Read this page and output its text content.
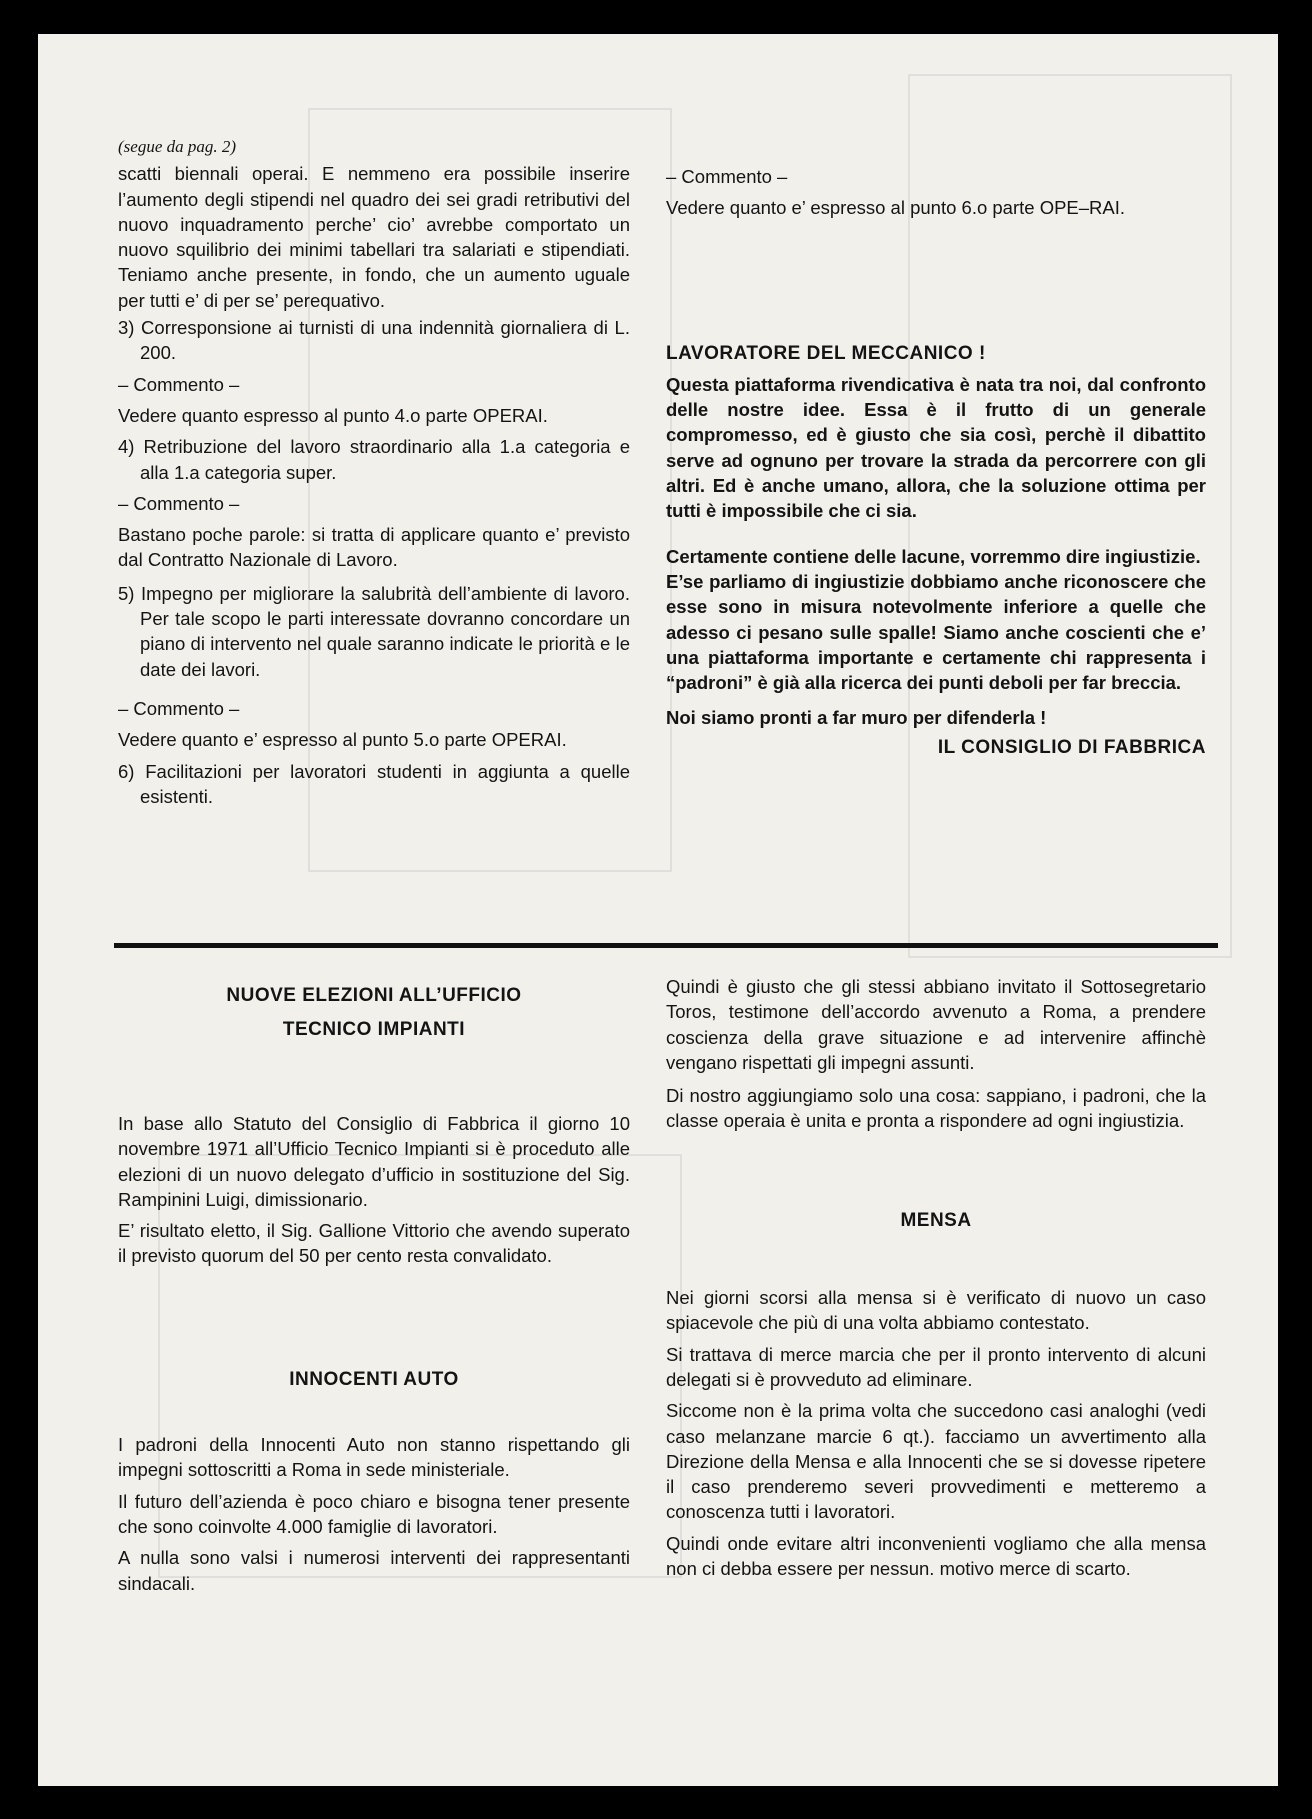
(segue da pag. 2)

scatti biennali operai. E nemmeno era possibile inserire l’aumento degli stipendi nel quadro dei sei gradi retributivi del nuovo inquadramento perche’ cio’ avrebbe comportato un nuovo squilibrio dei minimi tabellari tra salariati e stipendiati. Teniamo anche presente, in fondo, che un aumento uguale per tutti e’ di per se’ perequativo.

3) Corresponsione ai turnisti di una indennità giornaliera di L. 200.

– Commento –

Vedere quanto espresso al punto 4.o parte OPERAI.

4) Retribuzione del lavoro straordinario alla 1.a categoria e alla 1.a categoria super.

– Commento –

Bastano poche parole: si tratta di applicare quanto e’ previsto dal Contratto Nazionale di Lavoro.

5) Impegno per migliorare la salubrità dell’ambiente di lavoro. Per tale scopo le parti interessate dovranno concordare un piano di intervento nel quale saranno indicate le priorità e le date dei lavori.

– Commento –

Vedere quanto e’ espresso al punto 5.o parte OPERAI.

6) Facilitazioni per lavoratori studenti in aggiunta a quelle esistenti.

– Commento –

Vedere quanto e’ espresso al punto 6.o parte OPE–RAI.

LAVORATORE DEL MECCANICO !

Questa piattaforma rivendicativa è nata tra noi, dal confronto delle nostre idee. Essa è il frutto di un generale compromesso, ed è giusto che sia così, perchè il dibattito serve ad ognuno per trovare la strada da percorrere con gli altri. Ed è anche umano, allora, che la soluzione ottima per tutti è impossibile che ci sia.

Certamente contiene delle lacune, vorremmo dire ingiustizie.

E’se parliamo di ingiustizie dobbiamo anche riconoscere che esse sono in misura notevolmente inferiore a quelle che adesso ci pesano sulle spalle! Siamo anche coscienti che e’ una piattaforma importante e certamente chi rappresenta i “padroni” è già alla ricerca dei punti deboli per far breccia.

Noi siamo pronti a far muro per difenderla !

IL CONSIGLIO DI FABBRICA

NUOVE ELEZIONI ALL’UFFICIO

TECNICO IMPIANTI

In base allo Statuto del Consiglio di Fabbrica il giorno 10 novembre 1971 all’Ufficio Tecnico Impianti si è proceduto alle elezioni di un nuovo delegato d’ufficio in sostituzione del Sig. Rampinini Luigi, dimissionario.

E’ risultato eletto, il Sig. Gallione Vittorio che avendo superato il previsto quorum del 50 per cento resta convalidato.

INNOCENTI AUTO

I padroni della Innocenti Auto non stanno rispettando gli impegni sottoscritti a Roma in sede ministeriale.

Il futuro dell’azienda è poco chiaro e bisogna tener presente che sono coinvolte 4.000 famiglie di lavoratori.

A nulla sono valsi i numerosi interventi dei rappresentanti sindacali.

Quindi è giusto che gli stessi abbiano invitato il Sottosegretario Toros, testimone dell’accordo avvenuto a Roma, a prendere coscienza della grave situazione e ad intervenire affinchè vengano rispettati gli impegni assunti.

Di nostro aggiungiamo solo una cosa: sappiano, i padroni, che la classe operaia è unita e pronta a rispondere ad ogni ingiustizia.

MENSA

Nei giorni scorsi alla mensa si è verificato di nuovo un caso spiacevole che più di una volta abbiamo contestato.

Si trattava di merce marcia che per il pronto intervento di alcuni delegati si è provveduto ad eliminare.

Siccome non è la prima volta che succedono casi analoghi (vedi caso melanzane marcie 6 qt.). facciamo un avvertimento alla Direzione della Mensa e alla Innocenti che se si dovesse ripetere il caso prenderemo severi provvedimenti e metteremo a conoscenza tutti i lavoratori.

Quindi onde evitare altri inconvenienti vogliamo che alla mensa non ci debba essere per nessun. motivo merce di scarto.
